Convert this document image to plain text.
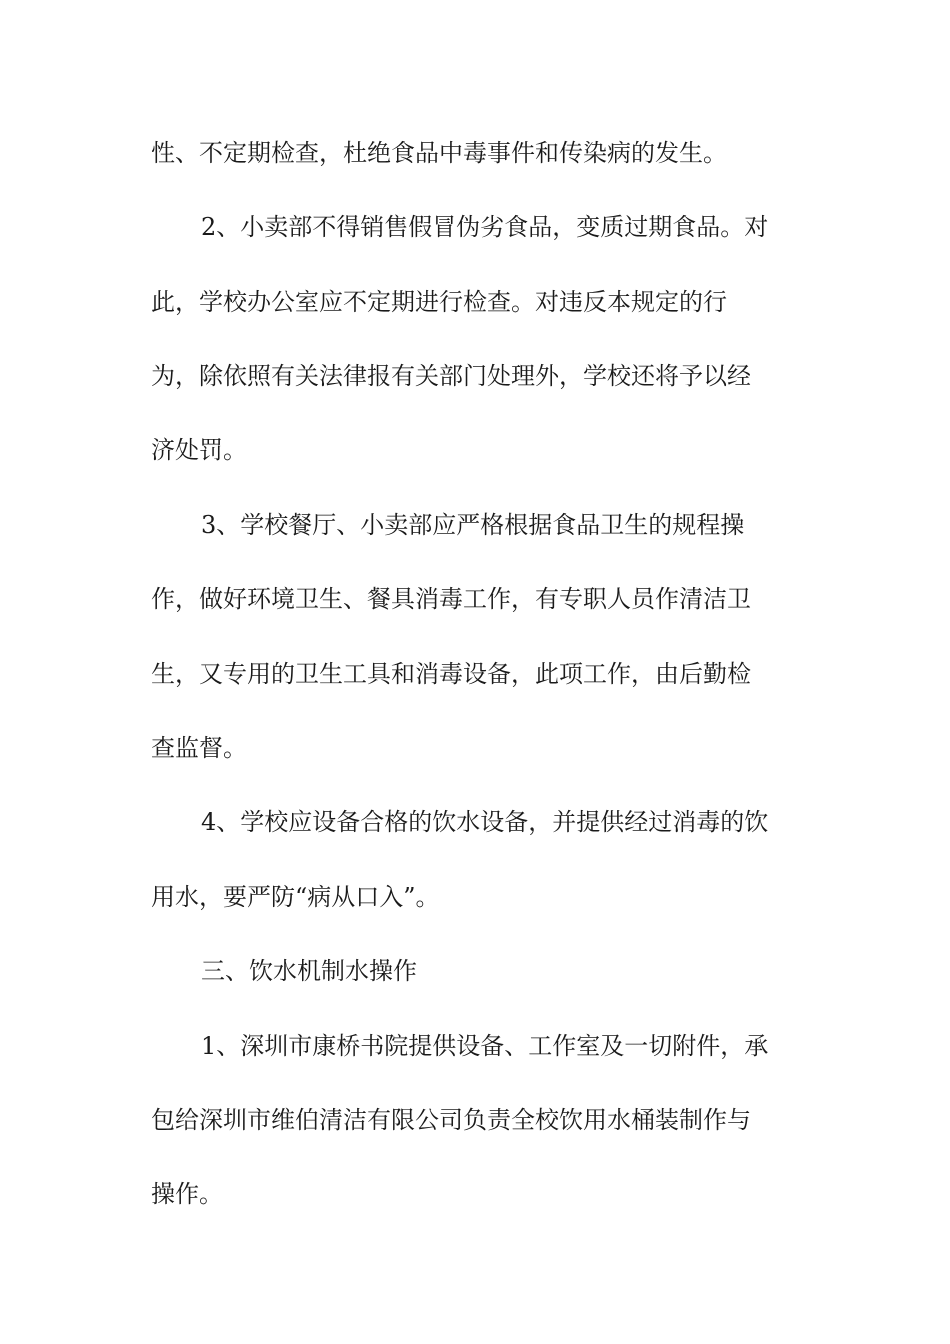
性、不定期检查，杜绝食品中毒事件和传染病的发生。
2、小卖部不得销售假冒伪劣食品，变质过期食品。对
此，学校办公室应不定期进行检查。对违反本规定的行
为，除依照有关法律报有关部门处理外，学校还将予以经
济处罚。
3、学校餐厅、小卖部应严格根据食品卫生的规程操
作，做好环境卫生、餐具消毒工作，有专职人员作清洁卫
生，又专用的卫生工具和消毒设备，此项工作，由后勤检
查监督。
4、学校应设备合格的饮水设备，并提供经过消毒的饮
用水，要严防“病从口入”。
三、饮水机制水操作
1、深圳市康桥书院提供设备、工作室及一切附件，承
包给深圳市维伯清洁有限公司负责全校饮用水桶装制作与
操作。
